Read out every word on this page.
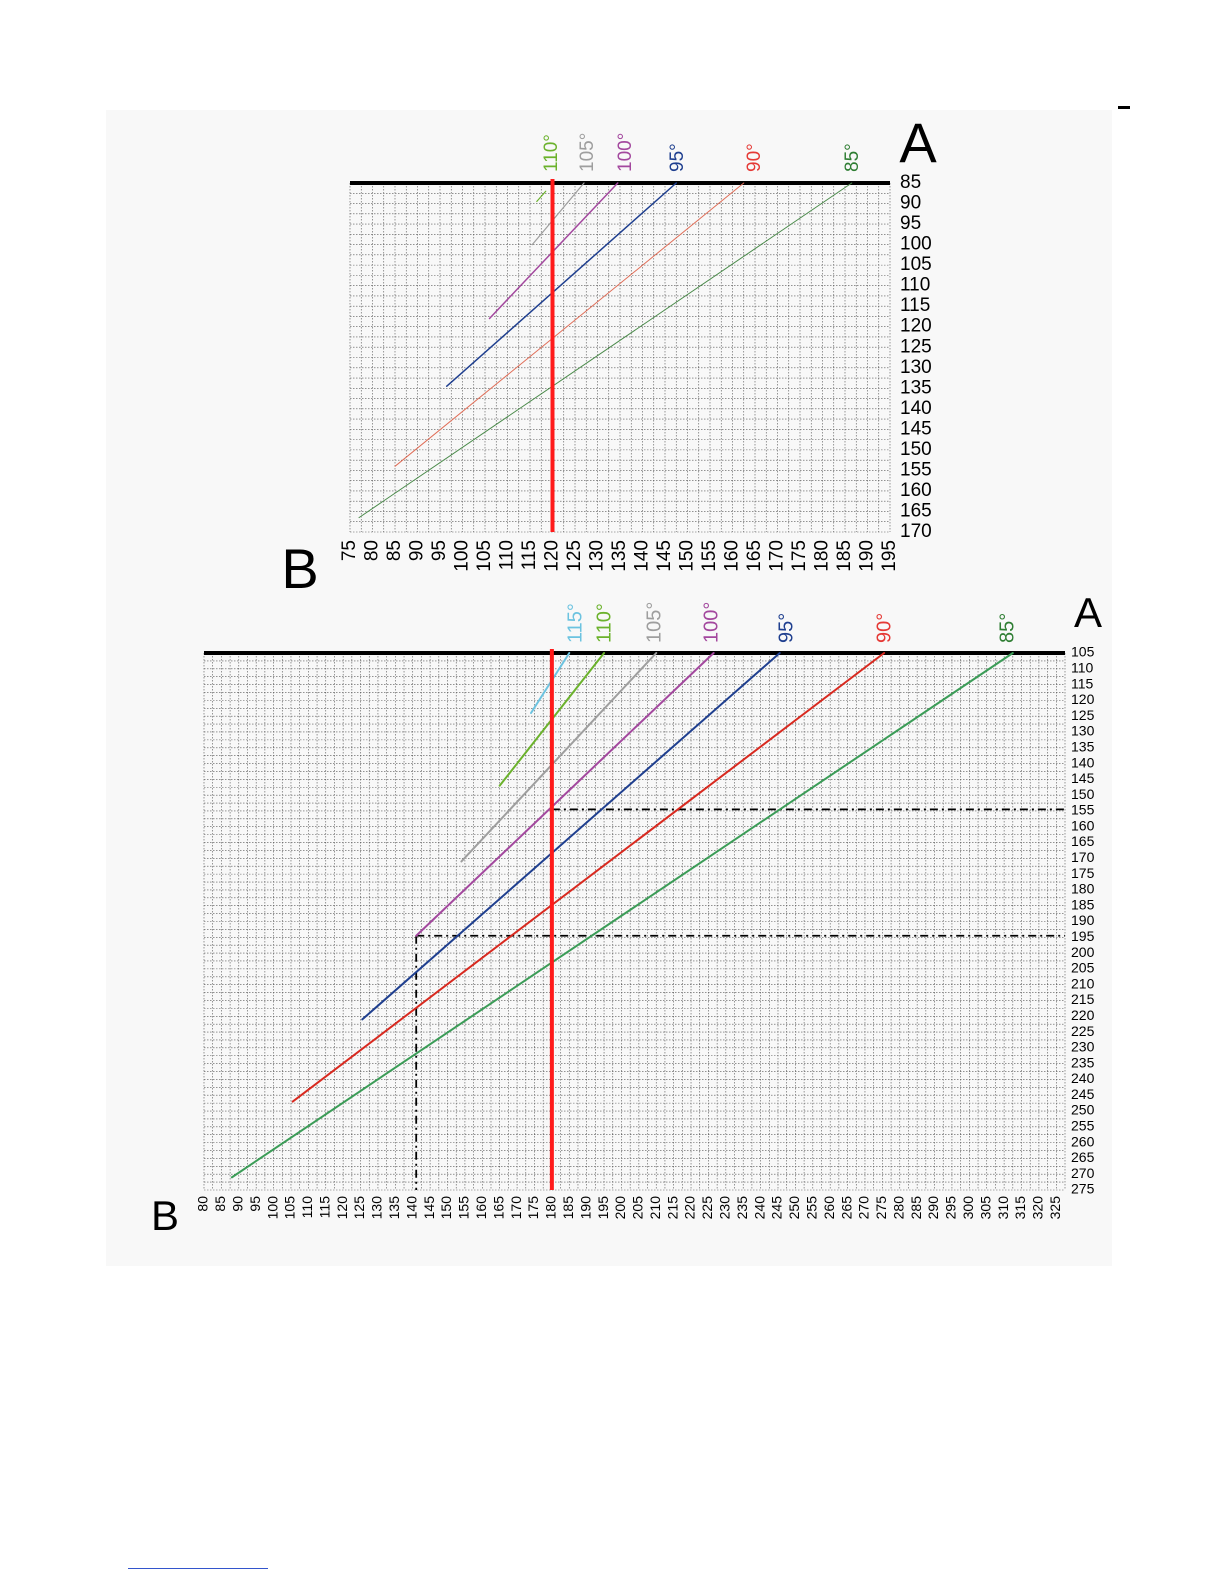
85
90
95
100
105
110
115
120
125
130
135
140
145
150
155
160
165
170
75 80 85 90 95 100 105 110 115 120 125 130 135 140 145 150 155 160 165 170 175 180 185 190 195
110° 105° 100° 95°	90°	85° A
B
105
110
115
120
125
130
135
140
145
150
155
160
165
170
175
180
185
190
195
200
205
210
215
220
225
230
235
240
245
250
255
260
265
270
275
80 85 90 95 100 105 110 115 120 125 130 135 140 145 150 155 160 165 170 175 180 185 190 195 200 205 210 215 220 225 230 235 240 245 250 255 260 265 270 275 280 285 290 295 300 305 310 315 320 325
115° 110° 105° 100°	95°	90°	85° A
B
